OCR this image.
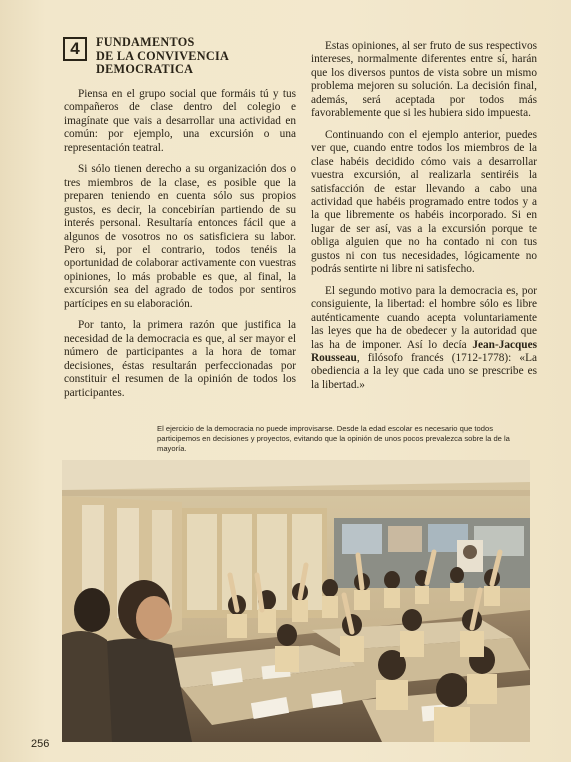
4	FUNDAMENTOS
DE LA CONVIVENCIA
DEMOCRATICA

Piensa en el grupo social que formáis tú y tus compañeros de clase dentro del colegio e imagínate que vais a desarrollar una actividad en común: por ejemplo, una excursión o una representación teatral.

Si sólo tienen derecho a su organización dos o tres miembros de la clase, es posible que la preparen teniendo en cuenta sólo sus propios gustos, es decir, la concebirían partiendo de su interés personal. Resultaría entonces fácil que a algunos de vosotros no os satisficiera su labor. Pero si, por el contrario, todos tenéis la oportunidad de colaborar activamente con vuestras opiniones, lo más probable es que, al final, la excursión sea del agrado de todos por sentiros partícipes en su elaboración.

Por tanto, la primera razón que justifica la necesidad de la democracia es que, al ser mayor el número de participantes a la hora de tomar decisiones, éstas resultarán perfeccionadas por constituir el resumen de la opinión de todos los participantes.

Estas opiniones, al ser fruto de sus respectivos intereses, normalmente diferentes entre sí, harán que los diversos puntos de vista sobre un mismo problema mejoren su solución. La decisión final, además, será aceptada por todos más favorablemente que si les hubiera sido impuesta.

Continuando con el ejemplo anterior, puedes ver que, cuando entre todos los miembros de la clase habéis decidido cómo vais a desarrollar vuestra excursión, al realizarla sentiréis la satisfacción de estar llevando a cabo una actividad que habéis programado entre todos y a la que libremente os habéis incorporado. Si en lugar de ser así, vas a la excursión porque te obliga alguien que no ha contado ni con tus gustos ni con tus necesidades, lógicamente no podrás sentirte ni libre ni satisfecho.

El segundo motivo para la democracia es, por consiguiente, la libertad: el hombre sólo es libre auténticamente cuando acepta voluntariamente las leyes que ha de obedecer y la autoridad que las ha de imponer. Así lo decía Jean-Jacques Rousseau, filósofo francés (1712-1778): «La obediencia a la ley que cada uno se prescribe es la libertad.»

El ejercicio de la democracia no puede improvisarse. Desde la edad escolar es necesario que todos participemos en decisiones y proyectos, evitando que la opinión de unos pocos prevalezca sobre la de la mayoría.
256
